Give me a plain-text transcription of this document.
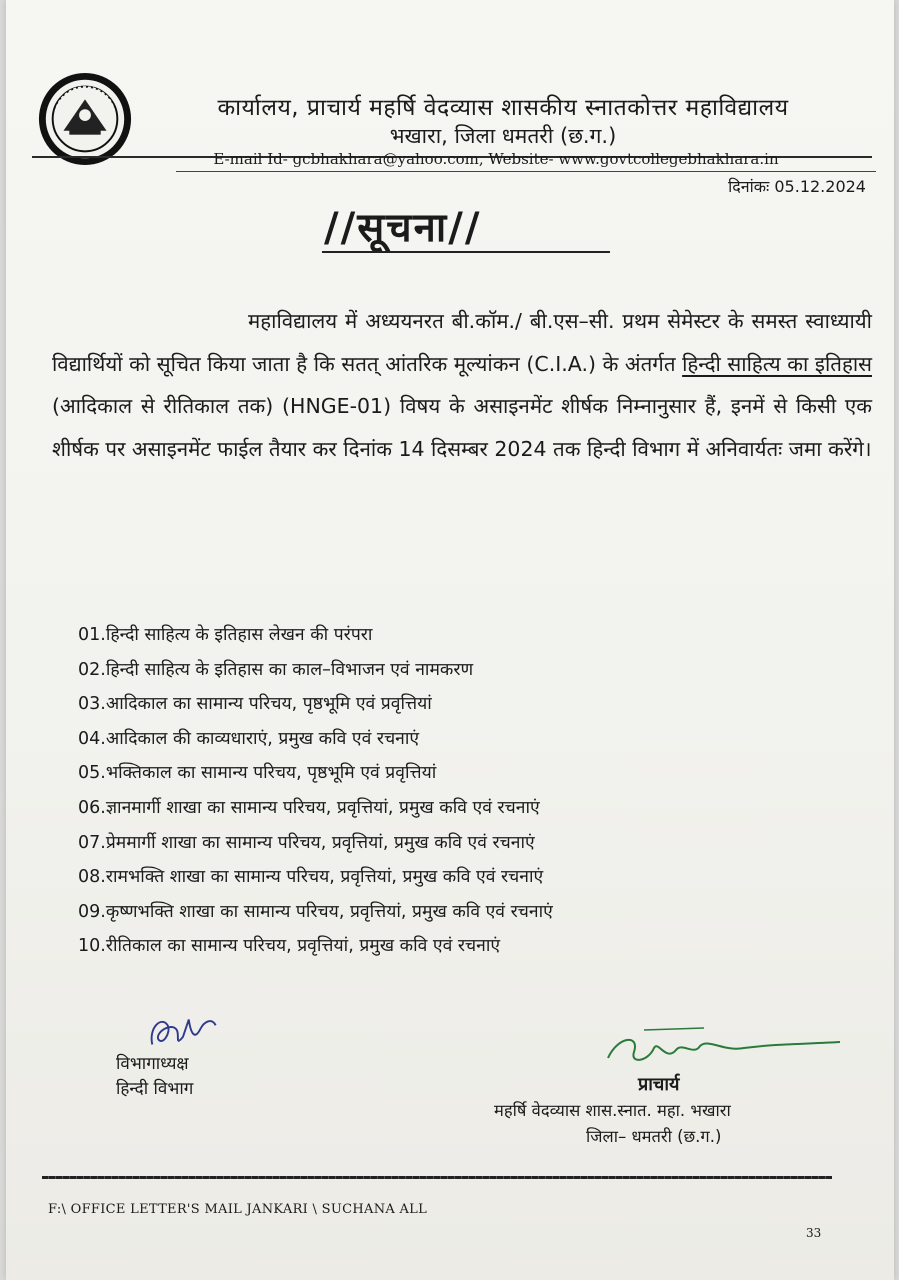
कार्यालय, प्राचार्य महर्षि वेदव्यास शासकीय स्नातकोत्तर महाविद्यालय
भखारा, जिला धमतरी (छ.ग.)
E-mail Id- gcbhakhara@yahoo.com, Website- www.govtcollegebhakhara.in
दिनांकः 05.12.2024
//सूचना//
महाविद्यालय में अध्ययनरत बी.कॉम./ बी.एस–सी. प्रथम सेमेस्टर के समस्त स्वाध्यायी विद्यार्थियों को सूचित किया जाता है कि सतत् आंतरिक मूल्यांकन (C.I.A.) के अंतर्गत हिन्दी साहित्य का इतिहास (आदिकाल से रीतिकाल तक) (HNGE-01) विषय के असाइनमेंट शीर्षक निम्नानुसार हैं, इनमें से किसी एक शीर्षक पर असाइनमेंट फाईल तैयार कर दिनांक 14 दिसम्बर 2024 तक हिन्दी विभाग में अनिवार्यतः जमा करेंगे।
01.हिन्दी साहित्य के इतिहास लेखन की परंपरा
02.हिन्दी साहित्य के इतिहास का काल–विभाजन एवं नामकरण
03.आदिकाल का सामान्य परिचय, पृष्ठभूमि एवं प्रवृत्तियां
04.आदिकाल की काव्यधाराएं, प्रमुख कवि एवं रचनाएं
05.भक्तिकाल का सामान्य परिचय, पृष्ठभूमि एवं प्रवृत्तियां
06.ज्ञानमार्गी शाखा का सामान्य परिचय, प्रवृत्तियां, प्रमुख कवि एवं रचनाएं
07.प्रेममार्गी शाखा का सामान्य परिचय, प्रवृत्तियां, प्रमुख कवि एवं रचनाएं
08.रामभक्ति शाखा का सामान्य परिचय, प्रवृत्तियां, प्रमुख कवि एवं रचनाएं
09.कृष्णभक्ति शाखा का सामान्य परिचय, प्रवृत्तियां, प्रमुख कवि एवं रचनाएं
10.रीतिकाल का सामान्य परिचय, प्रवृत्तियां, प्रमुख कवि एवं रचनाएं
विभागाध्यक्ष
हिन्दी विभाग	प्राचार्य
महर्षि वेदव्यास शास.स्नात. महा. भखारा
जिला– धमतरी (छ.ग.)
F:\ OFFICE LETTER'S MAIL JANKARI \ SUCHANA ALL
33
